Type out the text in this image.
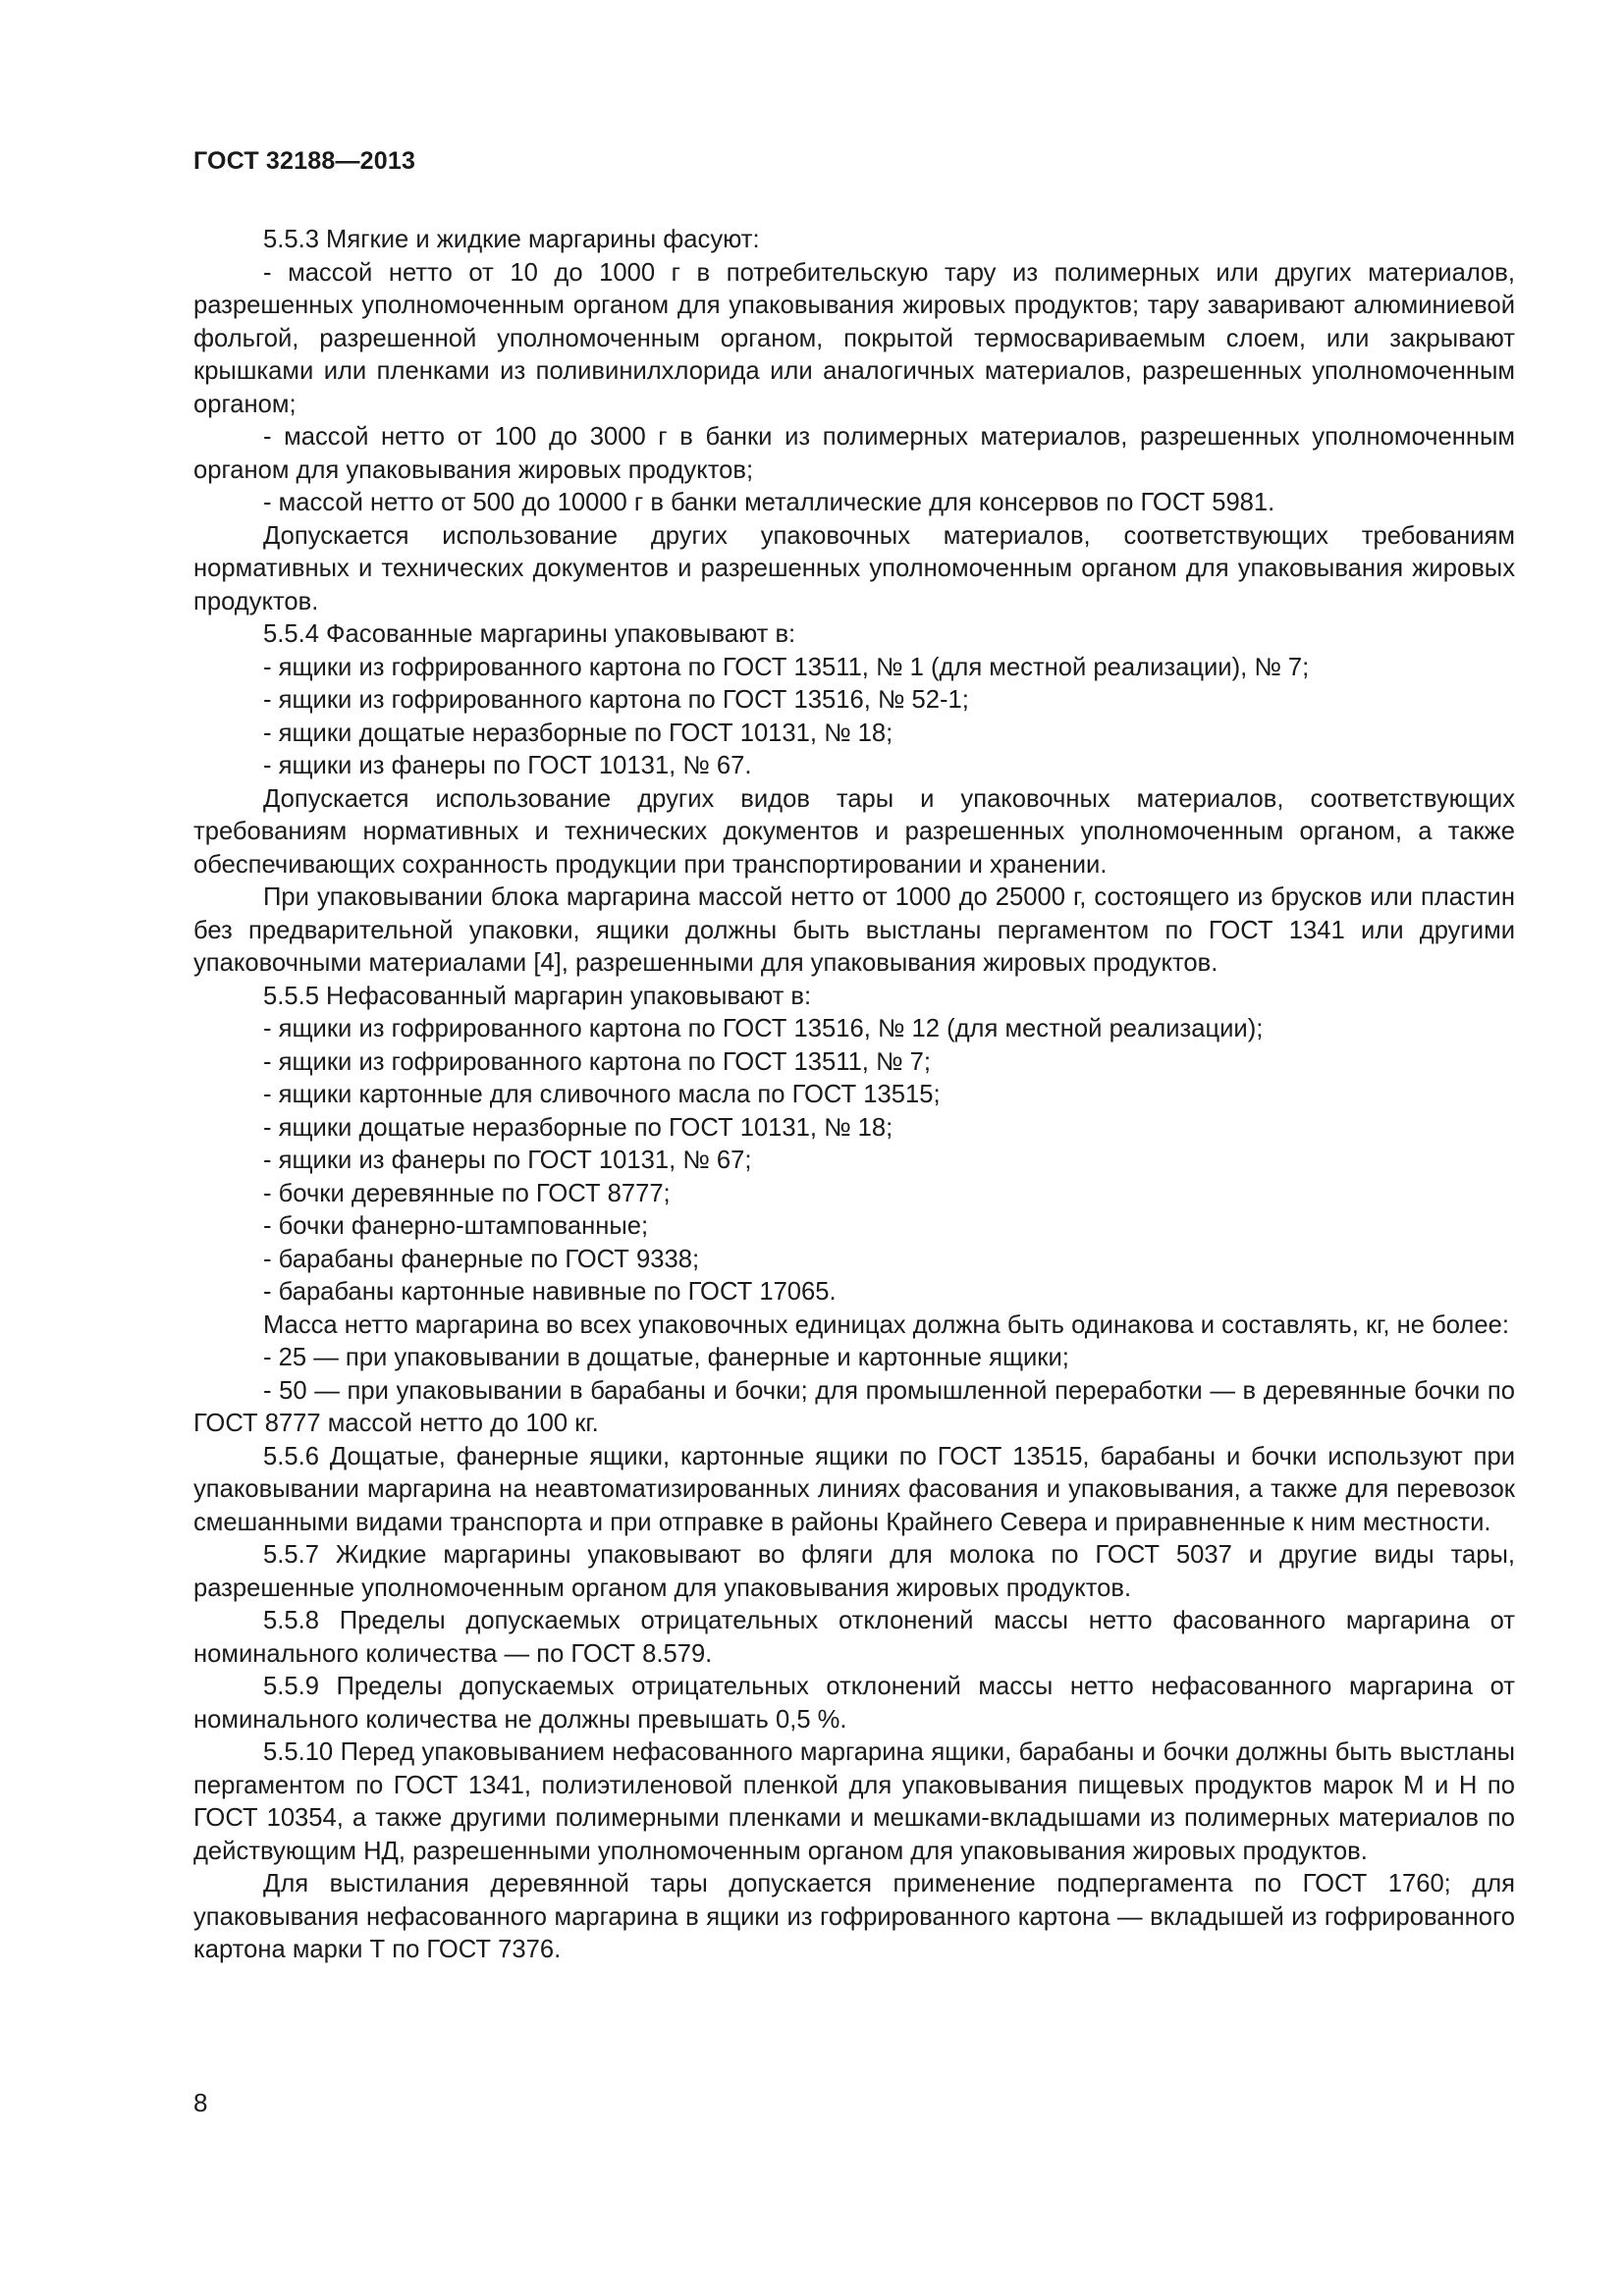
ГОСТ 32188—2013

5.5.3 Мягкие и жидкие маргарины фасуют:

- массой нетто от 10 до 1000 г в потребительскую тару из полимерных или других материалов, разрешенных уполномоченным органом для упаковывания жировых продуктов; тару заваривают алюминиевой фольгой, разрешенной уполномоченным органом, покрытой термосвариваемым слоем, или закрывают крышками или пленками из поливинилхлорида или аналогичных материалов, разрешенных уполномоченным органом;

- массой нетто от 100 до 3000 г в банки из полимерных материалов, разрешенных уполномоченным органом для упаковывания жировых продуктов;

- массой нетто от 500 до 10000 г в банки металлические для консервов по ГОСТ 5981.

Допускается использование других упаковочных материалов, соответствующих требованиям нормативных и технических документов и разрешенных уполномоченным органом для упаковывания жировых продуктов.

5.5.4 Фасованные маргарины упаковывают в:

- ящики из гофрированного картона по ГОСТ 13511, № 1 (для местной реализации), № 7;

- ящики из гофрированного картона по ГОСТ 13516, № 52-1;

- ящики дощатые неразборные по ГОСТ 10131, № 18;

- ящики из фанеры по ГОСТ 10131, № 67.

Допускается использование других видов тары и упаковочных материалов, соответствующих требованиям нормативных и технических документов и разрешенных уполномоченным органом, а также обеспечивающих сохранность продукции при транспортировании и хранении.

При упаковывании блока маргарина массой нетто от 1000 до 25000 г, состоящего из брусков или пластин без предварительной упаковки, ящики должны быть выстланы пергаментом по ГОСТ 1341 или другими упаковочными материалами [4], разрешенными для упаковывания жировых продуктов.

5.5.5 Нефасованный маргарин упаковывают в:

- ящики из гофрированного картона по ГОСТ 13516, № 12 (для местной реализации);

- ящики из гофрированного картона по ГОСТ 13511, № 7;

- ящики картонные для сливочного масла по ГОСТ 13515;

- ящики дощатые неразборные по ГОСТ 10131, № 18;

- ящики из фанеры по ГОСТ 10131, № 67;

- бочки деревянные по ГОСТ 8777;

- бочки фанерно-штампованные;

- барабаны фанерные по ГОСТ 9338;

- барабаны картонные навивные по ГОСТ 17065.

Масса нетто маргарина во всех упаковочных единицах должна быть одинакова и составлять, кг, не более:

- 25 — при упаковывании в дощатые, фанерные и картонные ящики;

- 50 — при упаковывании в барабаны и бочки; для промышленной переработки — в деревянные бочки по ГОСТ 8777 массой нетто до 100 кг.

5.5.6 Дощатые, фанерные ящики, картонные ящики по ГОСТ 13515, барабаны и бочки используют при упаковывании маргарина на неавтоматизированных линиях фасования и упаковывания, а также для перевозок смешанными видами транспорта и при отправке в районы Крайнего Севера и приравненные к ним местности.

5.5.7 Жидкие маргарины упаковывают во фляги для молока по ГОСТ 5037 и другие виды тары, разрешенные уполномоченным органом для упаковывания жировых продуктов.

5.5.8 Пределы допускаемых отрицательных отклонений массы нетто фасованного маргарина от номинального количества — по ГОСТ 8.579.

5.5.9 Пределы допускаемых отрицательных отклонений массы нетто нефасованного маргарина от номинального количества не должны превышать 0,5 %.

5.5.10 Перед упаковыванием нефасованного маргарина ящики, барабаны и бочки должны быть выстланы пергаментом по ГОСТ 1341, полиэтиленовой пленкой для упаковывания пищевых продуктов марок М и Н по ГОСТ 10354, а также другими полимерными пленками и мешками-вкладышами из полимерных материалов по действующим НД, разрешенными уполномоченным органом для упаковывания жировых продуктов.

Для выстилания деревянной тары допускается применение подпергамента по ГОСТ 1760; для упаковывания нефасованного маргарина в ящики из гофрированного картона — вкладышей из гофрированного картона марки Т по ГОСТ 7376.

8
